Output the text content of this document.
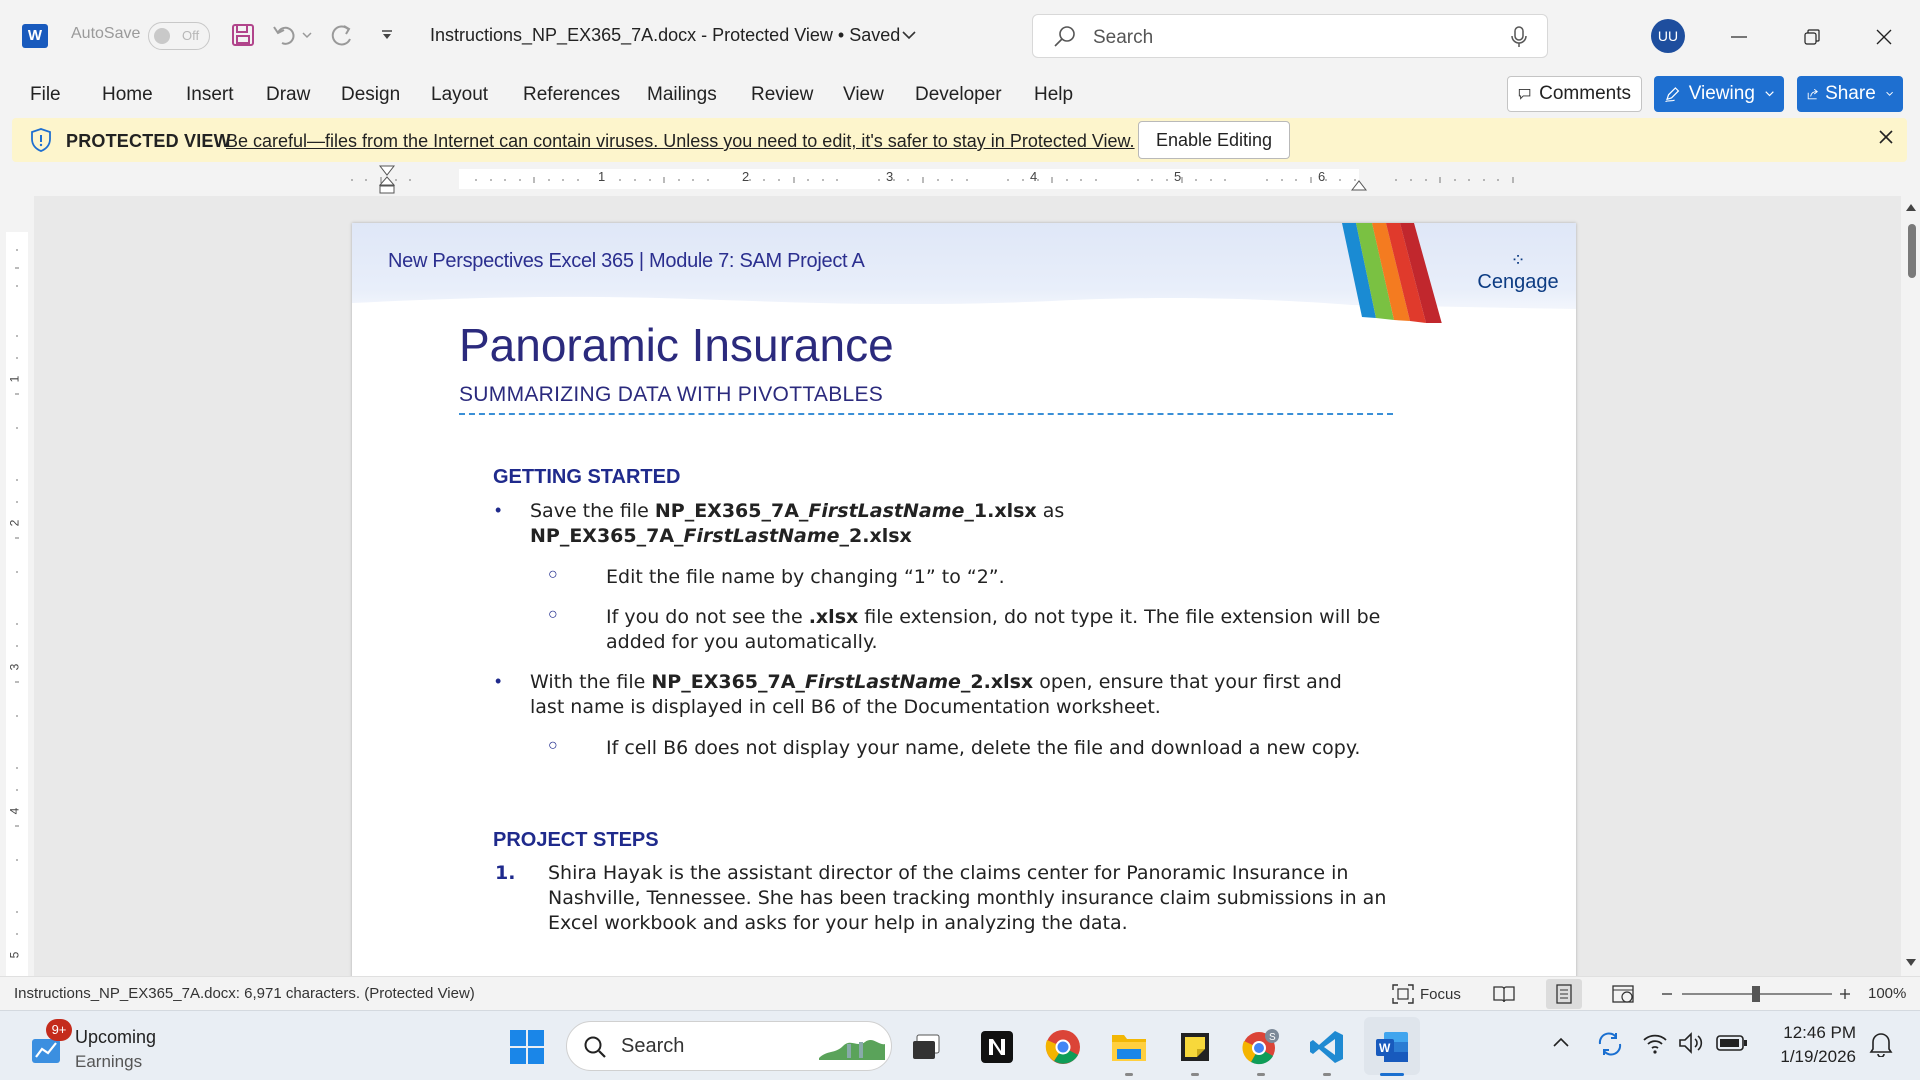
W	AutoSave	Off	Instructions_NP_EX365_7A.docx - Protected View • Saved	Search	UU
File Home Insert Draw Design Layout References Mailings Review View Developer Help	Comments	Viewing	Share
PROTECTED VIEW
Be careful—files from the Internet can contain viruses. Unless you need to edit, it's safer to stay in Protected View.	Enable Editing
1	2	3	4	5	6
1
2
3
4
5
New Perspectives Excel 365 | Module 7: SAM Project A	⁘
Cengage
Panoramic Insurance
SUMMARIZING DATA WITH PIVOTTABLES
GETTING STARTED
• Save the file NP_EX365_7A_FirstLastName_1.xlsx as
NP_EX365_7A_FirstLastName_2.xlsx
○	Edit the file name by changing “1” to “2”.
○	If you do not see the .xlsx file extension, do not type it. The file extension will be
added for you automatically.
• With the file NP_EX365_7A_FirstLastName_2.xlsx open, ensure that your first and
last name is displayed in cell B6 of the Documentation worksheet.
○	If cell B6 does not display your name, delete the file and download a new copy.
PROJECT STEPS
1. Shira Hayak is the assistant director of the claims center for Panoramic Insurance in
Nashville, Tennessee. She has been tracking monthly insurance claim submissions in an
Excel workbook and asks for your help in analyzing the data.
Instructions_NP_EX365_7A.docx: 6,971 characters. (Protected View)	Focus	100%
9+ Upcoming
Earnings
Search	S
W
12:46 PM
1/19/2026
